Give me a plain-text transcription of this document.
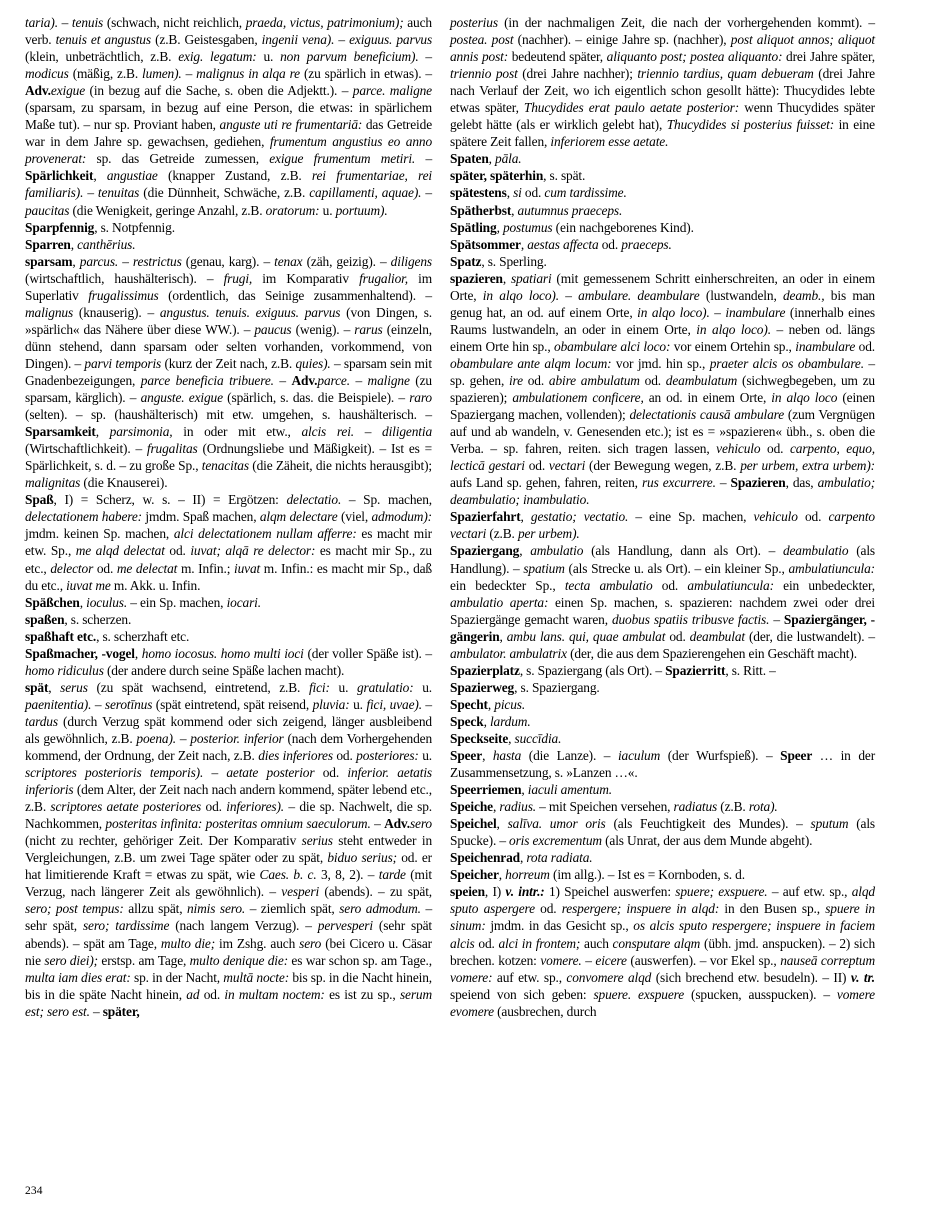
taria). – tenuis (schwach, nicht reichlich, praeda, victus, patrimonium); auch verb. tenuis et angustus (z.B. Geistesgaben, ingenii vena). – exiguus. parvus (klein, unbeträchtlich, z.B. exig. legatum: u. non parvum beneficium). – modicus (mäßig, z.B. lumen). – malignus in alqa re (zu spärlich in etwas). – Adv.exigue (in bezug auf die Sache, s. oben die Adjektt.). – parce. maligne (sparsam, zu sparsam, in bezug auf eine Person, die etwas: in spärlichem Maße tut). – nur sp. Proviant haben, anguste uti re frumentariā: das Getreide war in dem Jahre sp. gewachsen, gediehen, frumentum angustius eo anno provenerat: sp. das Getreide zumessen, exigue frumentum metiri. – Spärlichkeit, angustiae (knapper Zustand, z.B. rei frumentariae, rei familiaris). – tenuitas (die Dünnheit, Schwäche, z.B. capillamenti, aquae). – paucitas (die Wenigkeit, geringe Anzahl, z.B. oratorum: u. portuum).

Sparpfennig, s. Notpfennig.

Sparren, canthērius.

sparsam, parcus. – restrictus (genau, karg). – tenax (zäh, geizig). – diligens (wirtschaftlich, haushälterisch). – frugi, im Komparativ frugalior, im Superlativ frugalissimus (ordentlich, das Seinige zusammenhaltend). – malignus (knauserig). – angustus. tenuis. exiguus. parvus (von Dingen, s. »spärlich« das Nähere über diese WW.). – paucus (wenig). – rarus (einzeln, dünn stehend, dann sparsam oder selten vorhanden, vorkommend, von Dingen). – parvi temporis (kurz der Zeit nach, z.B. quies). – sparsam sein mit Gnadenbezeigungen, parce beneficia tribuere. – Adv.parce. – maligne (zu sparsam, kärglich). – anguste. exigue (spärlich, s. das. die Beispiele). – raro (selten). – sp. (haushälterisch) mit etw. umgehen, s. haushälterisch. – Sparsamkeit, parsimonia, in oder mit etw., alcis rei. – diligentia (Wirtschaftlichkeit). – frugalitas (Ordnungsliebe und Mäßigkeit). – Ist es = Spärlichkeit, s. d. – zu große Sp., tenacitas (die Zäheit, die nichts herausgibt); malignitas (die Knauserei).

Spaß, I) = Scherz, w. s. – II) = Ergötzen: delectatio. – Sp. machen, delectationem habere: jmdm. Spaß machen, alqm delectare (viel, admodum): jmdm. keinen Sp. machen, alci delectationem nullam afferre: es macht mir etw. Sp., me alqd delectat od. iuvat; alqā re delector: es macht mir Sp., zu etc., delector od. me delectat m. Infin.; iuvat m. Infin.: es macht mir Sp., daß du etc., iuvat me m. Akk. u. Infin.

Späßchen, ioculus. – ein Sp. machen, iocari.

spaßen, s. scherzen.

spaßhaft etc., s. scherzhaft etc.

Spaßmacher, -vogel, homo iocosus. homo multi ioci (der voller Späße ist). – homo ridiculus (der andere durch seine Späße lachen macht).

spät, serus (zu spät wachsend, eintretend, z.B. fici: u. gratulatio: u. paenitentia). – serotīnus (spät eintretend, spät reisend, pluvia: u. fici, uvae). – tardus (durch Verzug spät kommend oder sich zeigend, länger ausbleibend als gewöhnlich, z.B. poena). – posterior. inferior (nach dem Vorhergehenden kommend, der Ordnung, der Zeit nach, z.B. dies inferiores od. posteriores: u. scriptores posterioris temporis). – aetate posterior od. inferior. aetatis inferioris (dem Alter, der Zeit nach nach andern kommend, später lebend etc., z.B. scriptores aetate posteriores od. inferiores). – die sp. Nachwelt, die sp. Nachkommen, posteritas infinita: posteritas omnium saeculorum. – Adv.sero (nicht zu rechter, gehöriger Zeit. Der Komparativ serius steht entweder in Vergleichungen, z.B. um zwei Tage später oder zu spät, biduo serius; od. er hat limitierende Kraft = etwas zu spät, wie Caes. b. c. 3, 8, 2). – tarde (mit Verzug, nach längerer Zeit als gewöhnlich). – vesperi (abends). – zu spät, sero; post tempus: allzu spät, nimis sero. – ziemlich spät, sero admodum. – sehr spät, sero; tardissime (nach langem Verzug). – pervesperi (sehr spät abends). – spät am Tage, multo die; im Zshg. auch sero (bei Cicero u. Cäsar nie sero diei); erstsp. am Tage, multo denique die: es war schon sp. am Tage., multa iam dies erat: sp. in der Nacht, multā nocte: bis sp. in die Nacht hinein, bis in die späte Nacht hinein, ad od. in multam noctem: es ist zu sp., serum est; sero est. – später,

posterius (in der nachmaligen Zeit, die nach der vorhergehenden kommt). – postea. post (nachher). – einige Jahre sp. (nachher), post aliquot annos; aliquot annis post: bedeutend später, aliquanto post; postea aliquanto: drei Jahre später, triennio post (drei Jahre nachher); triennio tardius, quam debueram (drei Jahre nach Verlauf der Zeit, wo ich eigentlich schon gesollt hätte): Thucydides lebte etwas später, Thucydides erat paulo aetate posterior: wenn Thucydides später gelebt hätte (als er wirklich gelebt hat), Thucydides si posterius fuisset: in eine spätere Zeit fallen, inferiorem esse aetate.

Spaten, pāla.

später, späterhin, s. spät.

spätestens, si od. cum tardissime.

Spätherbst, autumnus praeceps.

Spätling, postumus (ein nachgeborenes Kind).

Spätsommer, aestas affecta od. praeceps.

Spatz, s. Sperling.

spazieren, spatiari (mit gemessenem Schritt einherschreiten, an oder in einem Orte, in alqo loco). – ambulare. deambulare (lustwandeln, deamb., bis man genug hat, an od. auf einem Orte, in alqo loco). – inambulare (innerhalb eines Raums lustwandeln, an oder in einem Orte, in alqo loco). – neben od. längs einem Orte hin sp., obambulare alci loco: vor einem Ortehin sp., inambulare od. obambulare ante alqm locum: vor jmd. hin sp., praeter alcis os obambulare. – sp. gehen, ire od. abire ambulatum od. deambulatum (sichwegbegeben, um zu spazieren); ambulationem conficere, an od. in einem Orte, in alqo loco (einen Spaziergang machen, vollenden); delectationis causā ambulare (zum Vergnügen auf und ab wandeln, v. Genesenden etc.); ist es = »spazieren« übh., s. oben die Verba. – sp. fahren, reiten. sich tragen lassen, vehiculo od. carpento, equo, lecticā gestari od. vectari (der Bewegung wegen, z.B. per urbem, extra urbem): aufs Land sp. gehen, fahren, reiten, rus excurrere. – Spazieren, das, ambulatio; deambulatio; inambulatio.

Spazierfahrt, gestatio; vectatio. – eine Sp. machen, vehiculo od. carpento vectari (z.B. per urbem).

Spaziergang, ambulatio (als Handlung, dann als Ort). – deambulatio (als Handlung). – spatium (als Strecke u. als Ort). – ein kleiner Sp., ambulatiuncula: ein bedeckter Sp., tecta ambulatio od. ambulatiuncula: ein unbedeckter, ambulatio aperta: einen Sp. machen, s. spazieren: nachdem zwei oder drei Spaziergänge gemacht waren, duobus spatiis tribusve factis. – Spaziergänger, -gängerin, ambu lans. qui, quae ambulat od. deambulat (der, die lustwandelt). – ambulator. ambulatrix (der, die aus dem Spazierengehen ein Geschäft macht).

Spazierplatz, s. Spaziergang (als Ort). – Spazierritt, s. Ritt. –

Spazierweg, s. Spaziergang.

Specht, picus.

Speck, lardum.

Speckseite, succīdia.

Speer, hasta (die Lanze). – iaculum (der Wurfspieß). – Speer … in der Zusammensetzung, s. »Lanzen …«.

Speerriemen, iaculi amentum.

Speiche, radius. – mit Speichen versehen, radiatus (z.B. rota).

Speichel, salīva. umor oris (als Feuchtigkeit des Mundes). – sputum (als Spucke). – oris excrementum (als Unrat, der aus dem Munde abgeht).

Speichenrad, rota radiata.

Speicher, horreum (im allg.). – Ist es = Kornboden, s. d.

speien, I) v. intr.: 1) Speichel auswerfen: spuere; exspuere. – auf etw. sp., alqd sputo aspergere od. respergere; inspuere in alqd: in den Busen sp., spuere in sinum: jmdm. in das Gesicht sp., os alcis sputo respergere; inspuere in faciem alcis od. alci in frontem; auch consputare alqm (übh. jmd. anspucken). – 2) sich brechen. kotzen: vomere. – eicere (auswerfen). – vor Ekel sp., nauseā correptum vomere: auf etw. sp., convomere alqd (sich brechend etw. besudeln). – II) v. tr. speiend von sich geben: spuere. exspuere (spucken, ausspucken). – vomere evomere (ausbrechen, durch

234
